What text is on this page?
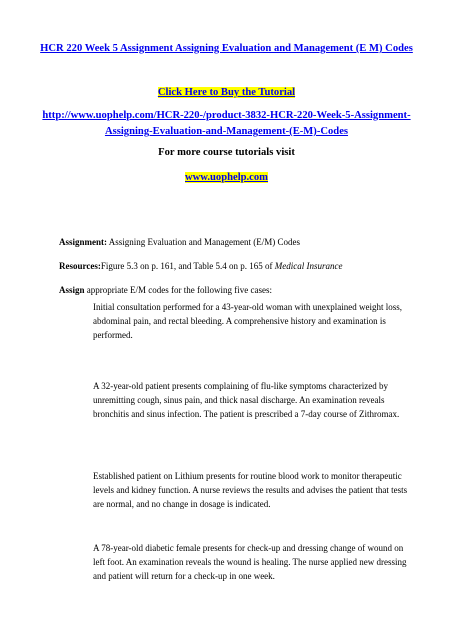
HCR 220 Week 5 Assignment Assigning Evaluation and Management (E M) Codes
Click Here to Buy the Tutorial
http://www.uophelp.com/HCR-220-/product-3832-HCR-220-Week-5-Assignment-Assigning-Evaluation-and-Management-(E-M)-Codes
For more course tutorials visit
www.uophelp.com
Assignment: Assigning Evaluation and Management (E/M) Codes
Resources:Figure 5.3 on p. 161, and Table 5.4 on p. 165 of Medical Insurance
Assign appropriate E/M codes for the following five cases:
Initial consultation performed for a 43-year-old woman with unexplained weight loss, abdominal pain, and rectal bleeding. A comprehensive history and examination is performed.
A 32-year-old patient presents complaining of flu-like symptoms characterized by unremitting cough, sinus pain, and thick nasal discharge. An examination reveals bronchitis and sinus infection. The patient is prescribed a 7-day course of Zithromax.
Established patient on Lithium presents for routine blood work to monitor therapeutic levels and kidney function. A nurse reviews the results and advises the patient that tests are normal, and no change in dosage is indicated.
A 78-year-old diabetic female presents for check-up and dressing change of wound on left foot. An examination reveals the wound is healing. The nurse applied new dressing and patient will return for a check-up in one week.
